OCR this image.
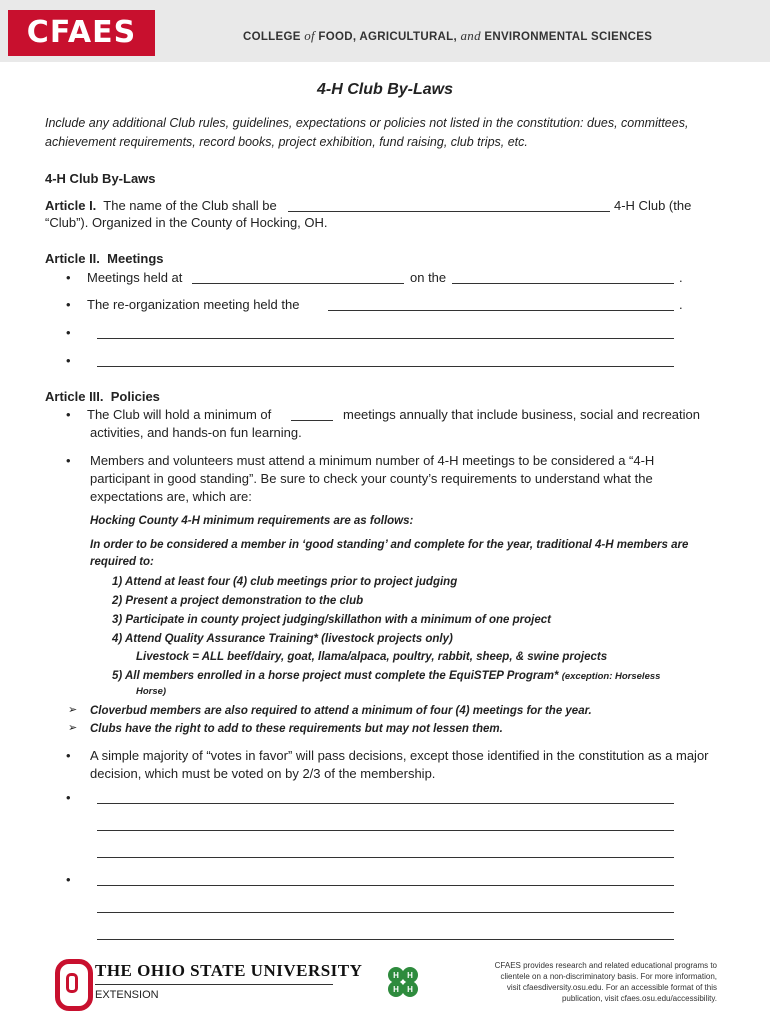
CFAES	COLLEGE of FOOD, AGRICULTURAL, and ENVIRONMENTAL SCIENCES
4-H Club By-Laws
Include any additional Club rules, guidelines, expectations or policies not listed in the constitution: dues, committees, achievement requirements, record books, project exhibition, fund raising, club trips, etc.
4-H Club By-Laws
Article I. The name of the Club shall be	4-H Club (the
“Club”). Organized in the County of Hocking, OH.
Article II. Meetings
• Meetings held at	on the	.
• The re-organization meeting held the	.
•
•
Article III. Policies
• The Club will hold a minimum of	meetings annually that include business, social and recreation
activities, and hands-on fun learning.
• Members and volunteers must attend a minimum number of 4-H meetings to be considered a “4-H participant in good standing”. Be sure to check your county’s requirements to understand what the expectations are, which are:
Hocking County 4-H minimum requirements are as follows:
In order to be considered a member in ‘good standing’ and complete for the year, traditional 4-H members are required to:
1) Attend at least four (4) club meetings prior to project judging
2) Present a project demonstration to the club
3) Participate in county project judging/skillathon with a minimum of one project
4) Attend Quality Assurance Training* (livestock projects only)
Livestock = ALL beef/dairy, goat, llama/alpaca, poultry, rabbit, sheep, & swine projects
5) All members enrolled in a horse project must complete the EquiSTEP Program* (exception: Horseless
Horse)
➢ Cloverbud members are also required to attend a minimum of four (4) meetings for the year.
➢ Clubs have the right to add to these requirements but may not lessen them.
• A simple majority of “votes in favor” will pass decisions, except those identified in the constitution as a major decision, which must be voted on by 2/3 of the membership.
•
•
THE OHIO STATE UNIVERSITY
EXTENSION
H H
H H
CFAES provides research and related educational programs to clientele on a non-discriminatory basis. For more information, visit cfaesdiversity.osu.edu. For an accessible format of this publication, visit cfaes.osu.edu/accessibility.
